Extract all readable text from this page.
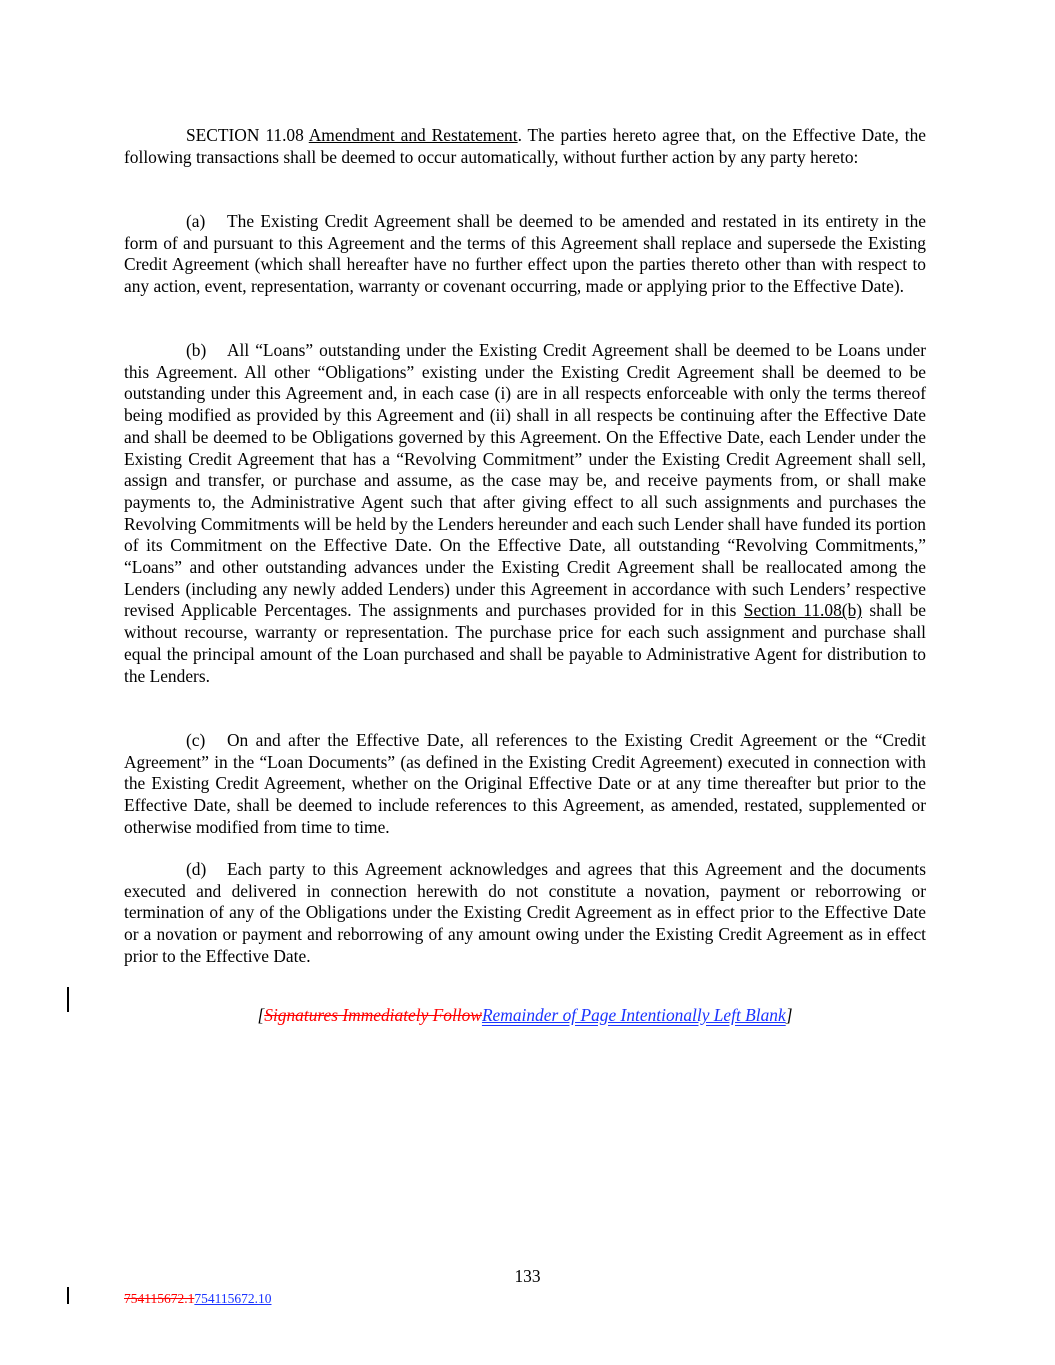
SECTION 11.08 Amendment and Restatement. The parties hereto agree that, on the Effective Date, the following transactions shall be deemed to occur automatically, without further action by any party hereto:

(a) The Existing Credit Agreement shall be deemed to be amended and restated in its entirety in the form of and pursuant to this Agreement and the terms of this Agreement shall replace and supersede the Existing Credit Agreement (which shall hereafter have no further effect upon the parties thereto other than with respect to any action, event, representation, warranty or covenant occurring, made or applying prior to the Effective Date).

(b) All “Loans” outstanding under the Existing Credit Agreement shall be deemed to be Loans under this Agreement. All other “Obligations” existing under the Existing Credit Agreement shall be deemed to be outstanding under this Agreement and, in each case (i) are in all respects enforceable with only the terms thereof being modified as provided by this Agreement and (ii) shall in all respects be continuing after the Effective Date and shall be deemed to be Obligations governed by this Agreement. On the Effective Date, each Lender under the Existing Credit Agreement that has a “Revolving Commitment” under the Existing Credit Agreement shall sell, assign and transfer, or purchase and assume, as the case may be, and receive payments from, or shall make payments to, the Administrative Agent such that after giving effect to all such assignments and purchases the Revolving Commitments will be held by the Lenders hereunder and each such Lender shall have funded its portion of its Commitment on the Effective Date. On the Effective Date, all outstanding “Revolving Commitments,” “Loans” and other outstanding advances under the Existing Credit Agreement shall be reallocated among the Lenders (including any newly added Lenders) under this Agreement in accordance with such Lenders’ respective revised Applicable Percentages. The assignments and purchases provided for in this Section 11.08(b) shall be without recourse, warranty or representation. The purchase price for each such assignment and purchase shall equal the principal amount of the Loan purchased and shall be payable to Administrative Agent for distribution to the Lenders.

(c) On and after the Effective Date, all references to the Existing Credit Agreement or the “Credit Agreement” in the “Loan Documents” (as defined in the Existing Credit Agreement) executed in connection with the Existing Credit Agreement, whether on the Original Effective Date or at any time thereafter but prior to the Effective Date, shall be deemed to include references to this Agreement, as amended, restated, supplemented or otherwise modified from time to time.

(d) Each party to this Agreement acknowledges and agrees that this Agreement and the documents executed and delivered in connection herewith do not constitute a novation, payment or reborrowing or termination of any of the Obligations under the Existing Credit Agreement as in effect prior to the Effective Date or a novation or payment and reborrowing of any amount owing under the Existing Credit Agreement as in effect prior to the Effective Date.

[Signatures Immediately FollowRemainder of Page Intentionally Left Blank]

133
754115672.1754115672.10
